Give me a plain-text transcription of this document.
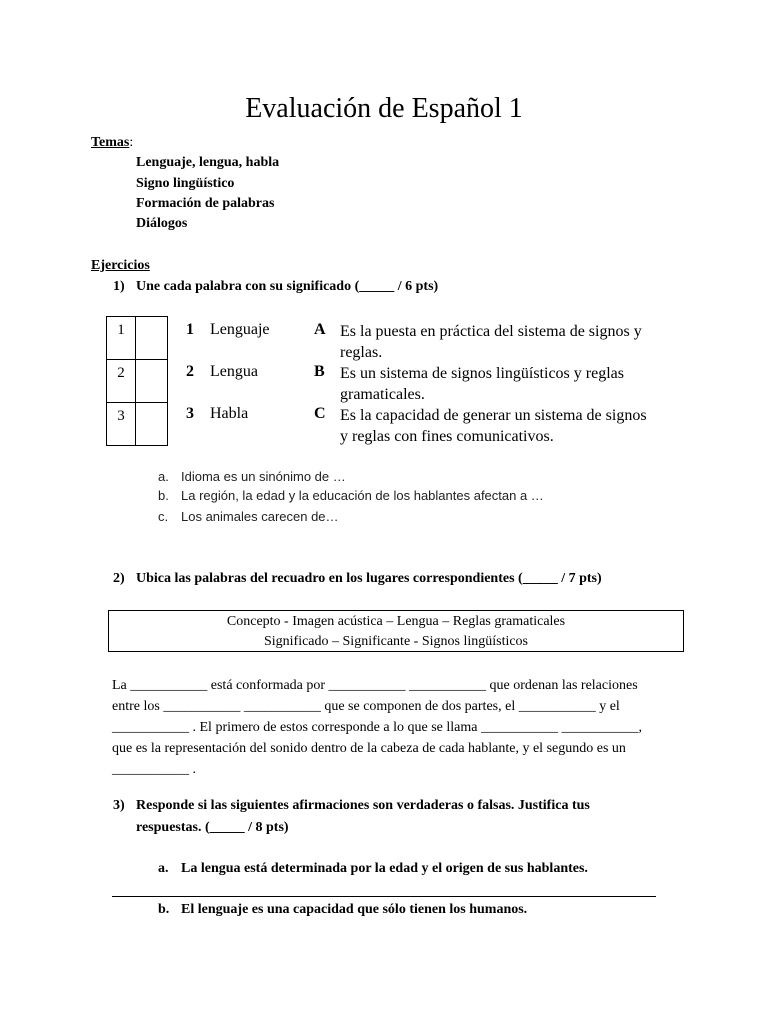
Evaluación de Español 1
Temas:
Lenguaje, lengua, habla
Signo lingüístico
Formación de palabras
Diálogos
Ejercicios
1) Une cada palabra con su significado (_____ / 6 pts)
1
2
3
1 Lenguaje	A Es la puesta en práctica del sistema de signos y
reglas.
2 Lengua	B Es un sistema de signos lingüísticos y reglas
gramaticales.
3 Habla	C Es la capacidad de generar un sistema de signos
y reglas con fines comunicativos.
a. Idioma es un sinónimo de …
b. La región, la edad y la educación de los hablantes afectan a …
c. Los animales carecen de…
2) Ubica las palabras del recuadro en los lugares correspondientes (_____ / 7 pts)
Concepto - Imagen acústica – Lengua – Reglas gramaticales
Significado – Significante - Signos lingüísticos
La ___________ está conformada por ___________ ___________ que ordenan las relaciones
entre los ___________ ___________ que se componen de dos partes, el ___________ y el
___________ . El primero de estos corresponde a lo que se llama ___________ ___________,
que es la representación del sonido dentro de la cabeza de cada hablante, y el segundo es un
___________ .
3) Responde si las siguientes afirmaciones son verdaderas o falsas. Justifica tus
respuestas. (_____ / 8 pts)
a. La lengua está determinada por la edad y el origen de sus hablantes.
b. El lenguaje es una capacidad que sólo tienen los humanos.
